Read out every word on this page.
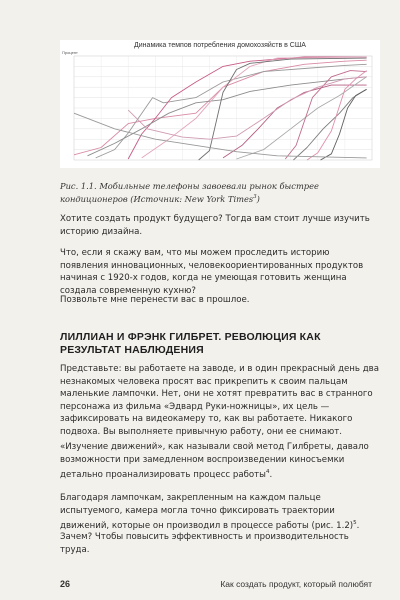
Динамика темпов потребления домохозяйств в США
Процент
Рис. 1.1. Мобильные телефоны завоевали рынок быстрее кондиционеров (Источник: New York Times$^3$)

Хотите создать продукт будущего? Тогда вам стоит лучше изучить историю дизайна.

Что, если я скажу вам, что мы можем проследить историю появления инновационных, человекоориентированных продуктов начиная с 1920-х годов, когда не умеющая готовить женщина создала современную кухню?

Позвольте мне перенести вас в прошлое.

ЛИЛЛИАН И ФРЭНК ГИЛБРЕТ. РЕВОЛЮЦИЯ КАК РЕЗУЛЬТАТ НАБЛЮДЕНИЯ

Представьте: вы работаете на заводе, и в один прекрасный день два незнакомых человека просят вас прикрепить к своим пальцам маленькие лампочки. Нет, они не хотят превратить вас в странного персонажа из фильма «Эдвард Руки-ножницы», их цель — зафиксировать на видеокамеру то, как вы работаете. Никакого подвоха. Вы выполняете привычную работу, они ее снимают.

«Изучение движений», как называли свой метод Гилбреты, давало возможности при замедленном воспроизведении киносъемки детально проанализировать процесс работы$^4$.

Благодаря лампочкам, закрепленным на каждом пальце испытуемого, камера могла точно фиксировать траектории движений, которые он производил в процессе работы (рис. 1.2)$^5$.

Зачем? Чтобы повысить эффективность и производительность труда.

26	Как создать продукт, который полюбят
